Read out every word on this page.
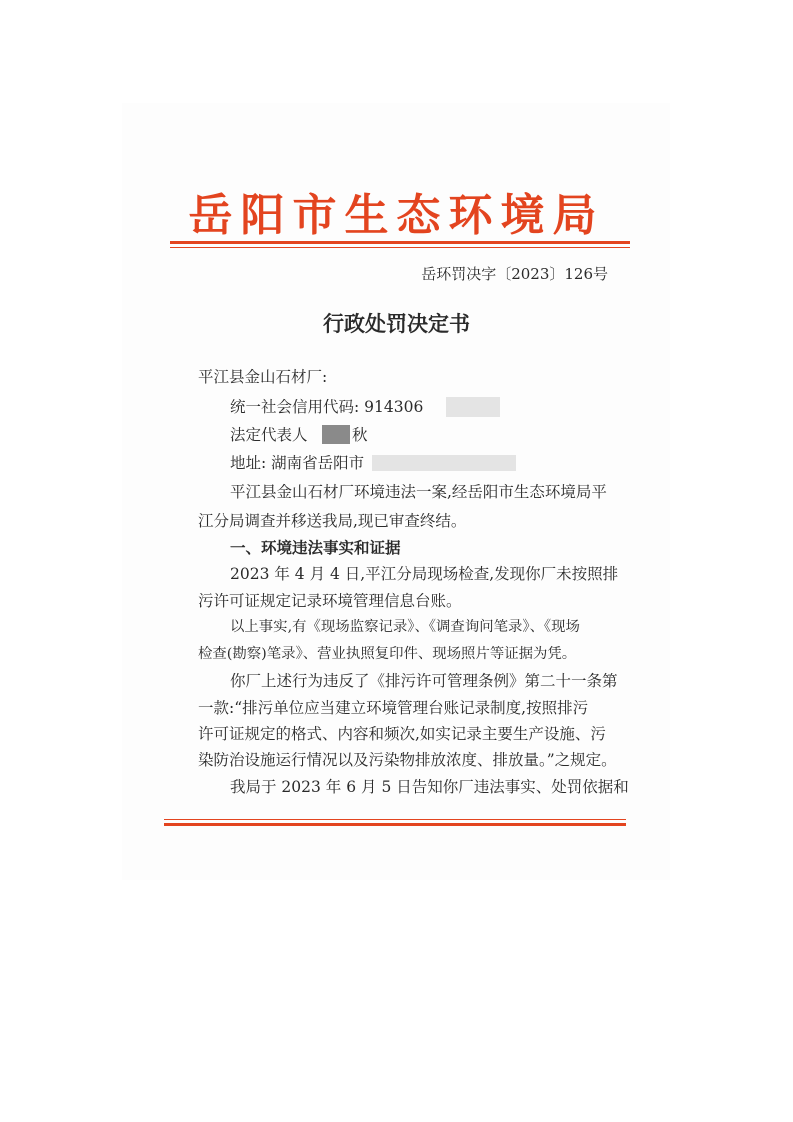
岳阳市生态环境局
岳环罚决字〔2023〕126号
行政处罚决定书
平江县金山石材厂:
统一社会信用代码: 914306
法定代表人	秋
地址: 湖南省岳阳市
平江县金山石材厂环境违法一案,经岳阳市生态环境局平
江分局调查并移送我局,现已审查终结。
一、环境违法事实和证据
2023 年 4 月 4 日,平江分局现场检查,发现你厂未按照排
污许可证规定记录环境管理信息台账。
以上事实,有《现场监察记录》、《调查询问笔录》、《现场
检查(勘察)笔录》、营业执照复印件、现场照片等证据为凭。
你厂上述行为违反了《排污许可管理条例》第二十一条第
一款:“排污单位应当建立环境管理台账记录制度,按照排污
许可证规定的格式、内容和频次,如实记录主要生产设施、污
染防治设施运行情况以及污染物排放浓度、排放量。”之规定。
我局于 2023 年 6 月 5 日告知你厂违法事实、处罚依据和
